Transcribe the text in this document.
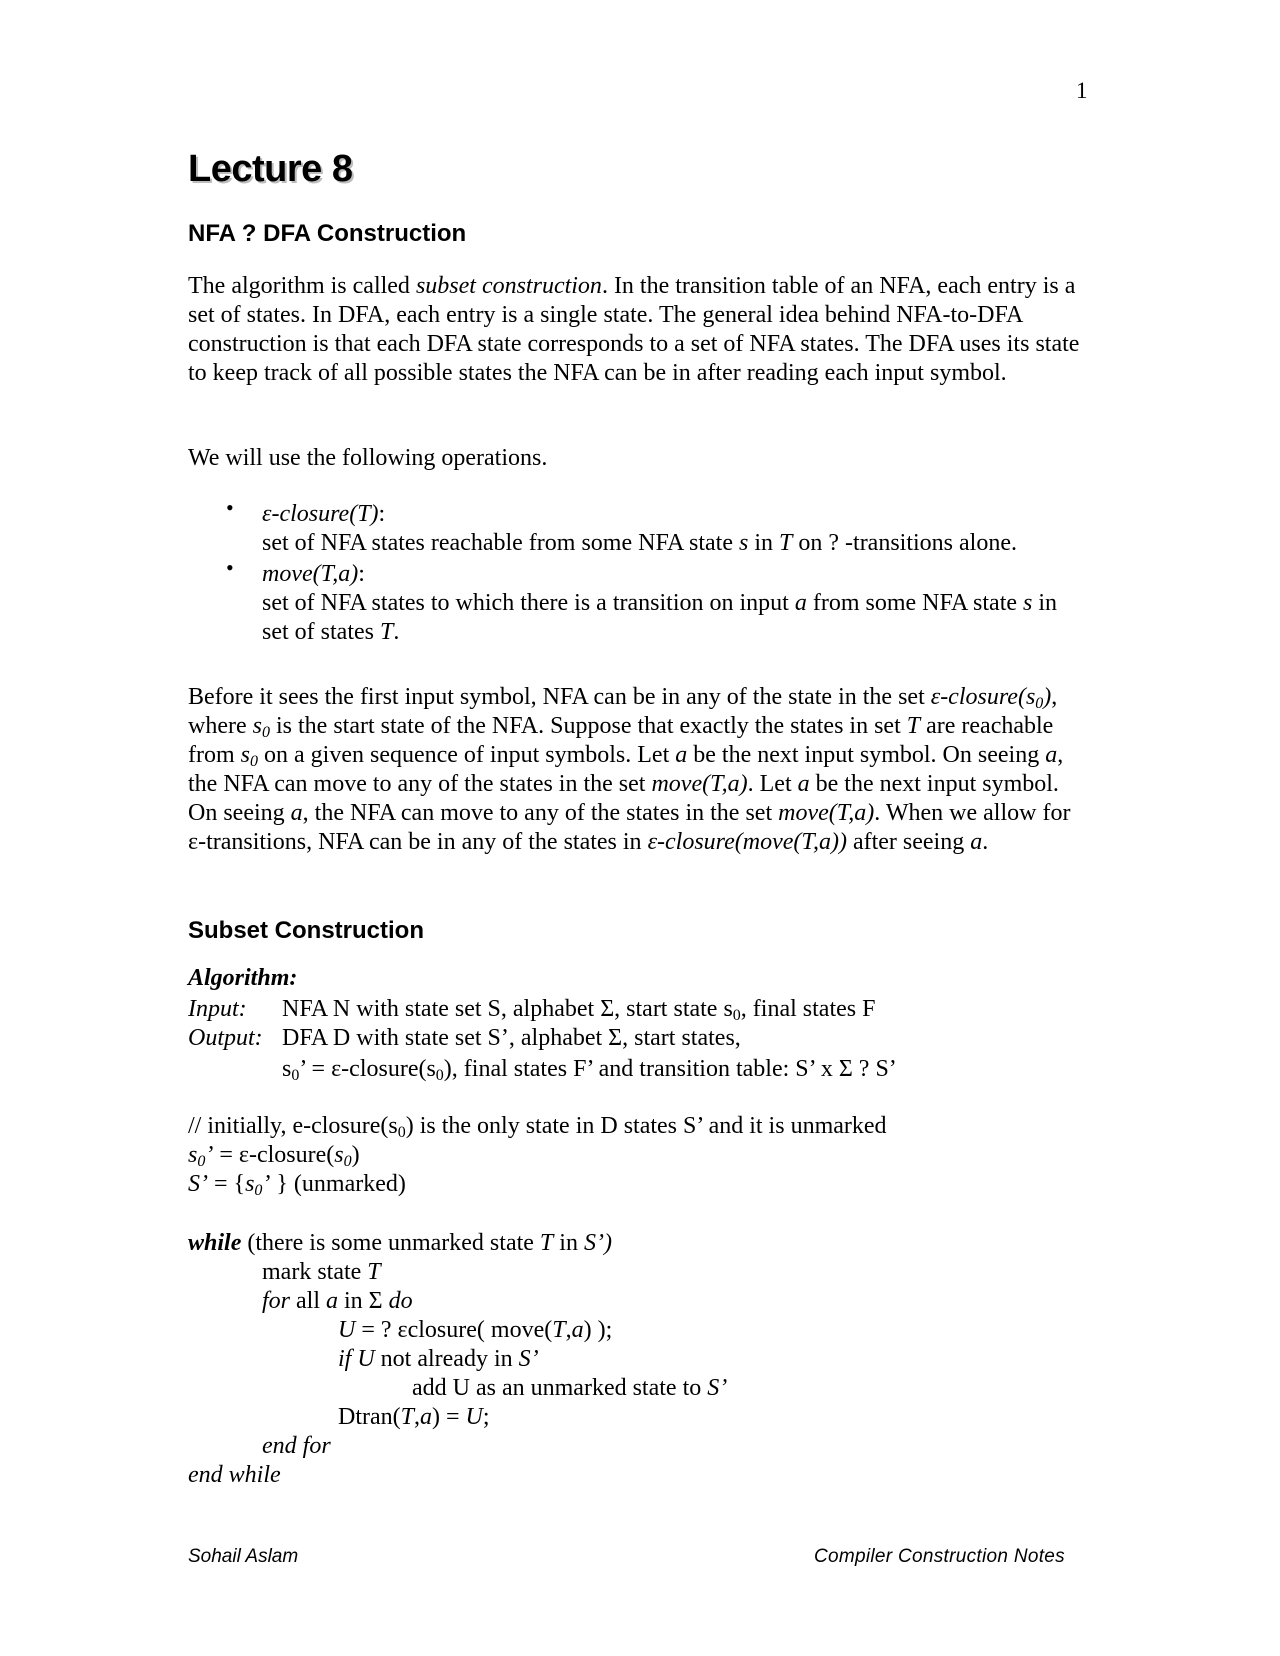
1
Lecture 8
NFA ? DFA Construction
The algorithm is called subset construction. In the transition table of an NFA, each entry is a set of states. In DFA, each entry is a single state. The general idea behind NFA-to-DFA construction is that each DFA state corresponds to a set of NFA states. The DFA uses its state to keep track of all possible states the NFA can be in after reading each input symbol.
We will use the following operations.
• ε-closure(T):
set of NFA states reachable from some NFA state s in T on ? -transitions alone.
• move(T,a):
set of NFA states to which there is a transition on input a from some NFA state s in set of states T.
Before it sees the first input symbol, NFA can be in any of the state in the set $\varepsilon-closure(s_0)$, where $s_0$ is the start state of the NFA. Suppose that exactly the states in set T are reachable from $s_0$ on a given sequence of input symbols. Let a be the next input symbol. On seeing a, the NFA can move to any of the states in the set move(T,a). Let a be the next input symbol. On seeing a, the NFA can move to any of the states in the set move(T,a). When we allow for ε-transitions, NFA can be in any of the states in ε-closure(move(T,a)) after seeing a.
Subset Construction
Algorithm:
Input: NFA N with state set S, alphabet Σ, start state $s_0$, final states F
Output: DFA D with state set S’, alphabet Σ, start states,
$s_0$’ = $\varepsilon-closure(s_0)$, final states F’ and transition table: S’ x Σ ? S’
// initially, $e-closure(s_0)$ is the only state in D states S’ and it is unmarked
$s_0$’ = $\varepsilon-closure(s_0)$
S’ = {$s_0$’ } (unmarked)
while (there is some unmarked state T in S’)
mark state T
for all a in Σ do
U = ? εclosure( move(T,a) );
if U not already in S’
add U as an unmarked state to S’
Dtran(T,a) = U;
end for
end while
Sohail Aslam	Compiler Construction Notes
